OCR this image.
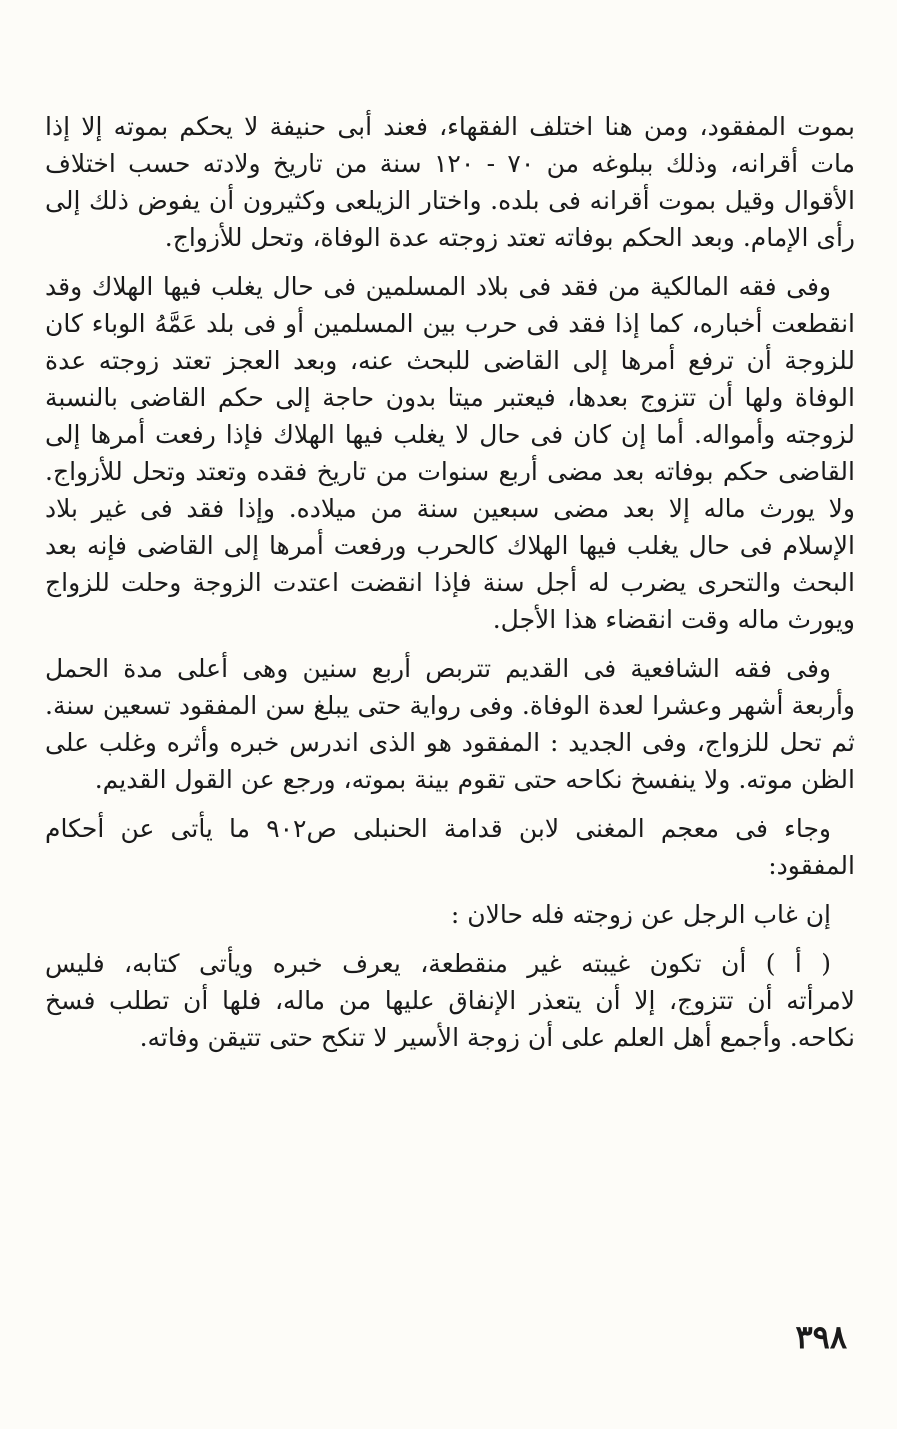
بموت المفقود، ومن هنا اختلف الفقهاء، فعند أبى حنيفة لا يحكم بموته إلا إذا
مات أقرانه، وذلك ببلوغه من ٧٠ - ١٢٠ سنة من تاريخ ولادته حسب اختلاف
الأقوال وقيل بموت أقرانه فى بلده. واختار الزيلعى وكثيرون أن يفوض ذلك إلى
رأى الإمام. وبعد الحكم بوفاته تعتد زوجته عدة الوفاة، وتحل للأزواج.
وفى فقه المالكية من فقد فى بلاد المسلمين فى حال يغلب فيها الهلاك وقد
انقطعت أخباره، كما إذا فقد فى حرب بين المسلمين أو فى بلد عَمَّهُ الوباء كان
للزوجة أن ترفع أمرها إلى القاضى للبحث عنه، وبعد العجز تعتد زوجته عدة
الوفاة ولها أن تتزوج بعدها، فيعتبر ميتا بدون حاجة إلى حكم القاضى بالنسبة
لزوجته وأمواله. أما إن كان فى حال لا يغلب فيها الهلاك فإذا رفعت أمرها إلى
القاضى حكم بوفاته بعد مضى أربع سنوات من تاريخ فقده وتعتد وتحل للأزواج.
ولا يورث ماله إلا بعد مضى سبعين سنة من ميلاده. وإذا فقد فى غير بلاد
الإسلام فى حال يغلب فيها الهلاك كالحرب ورفعت أمرها إلى القاضى فإنه بعد
البحث والتحرى يضرب له أجل سنة فإذا انقضت اعتدت الزوجة وحلت للزواج
ويورث ماله وقت انقضاء هذا الأجل.
وفى فقه الشافعية فى القديم تتربص أربع سنين وهى أعلى مدة الحمل
وأربعة أشهر وعشرا لعدة الوفاة. وفى رواية حتى يبلغ سن المفقود تسعين سنة.
ثم تحل للزواج، وفى الجديد : المفقود هو الذى اندرس خبره وأثره وغلب على
الظن موته. ولا ينفسخ نكاحه حتى تقوم بينة بموته، ورجع عن القول القديم.
وجاء فى معجم المغنى لابن قدامة الحنبلى ص٩٠٢ ما يأتى عن أحكام
المفقود:
إن غاب الرجل عن زوجته فله حالان :
( أ ) أن تكون غيبته غير منقطعة، يعرف خبره ويأتى كتابه، فليس
لامرأته أن تتزوج، إلا أن يتعذر الإنفاق عليها من ماله، فلها أن تطلب فسخ
نكاحه. وأجمع أهل العلم على أن زوجة الأسير لا تنكح حتى تتيقن وفاته.
٣٩٨
